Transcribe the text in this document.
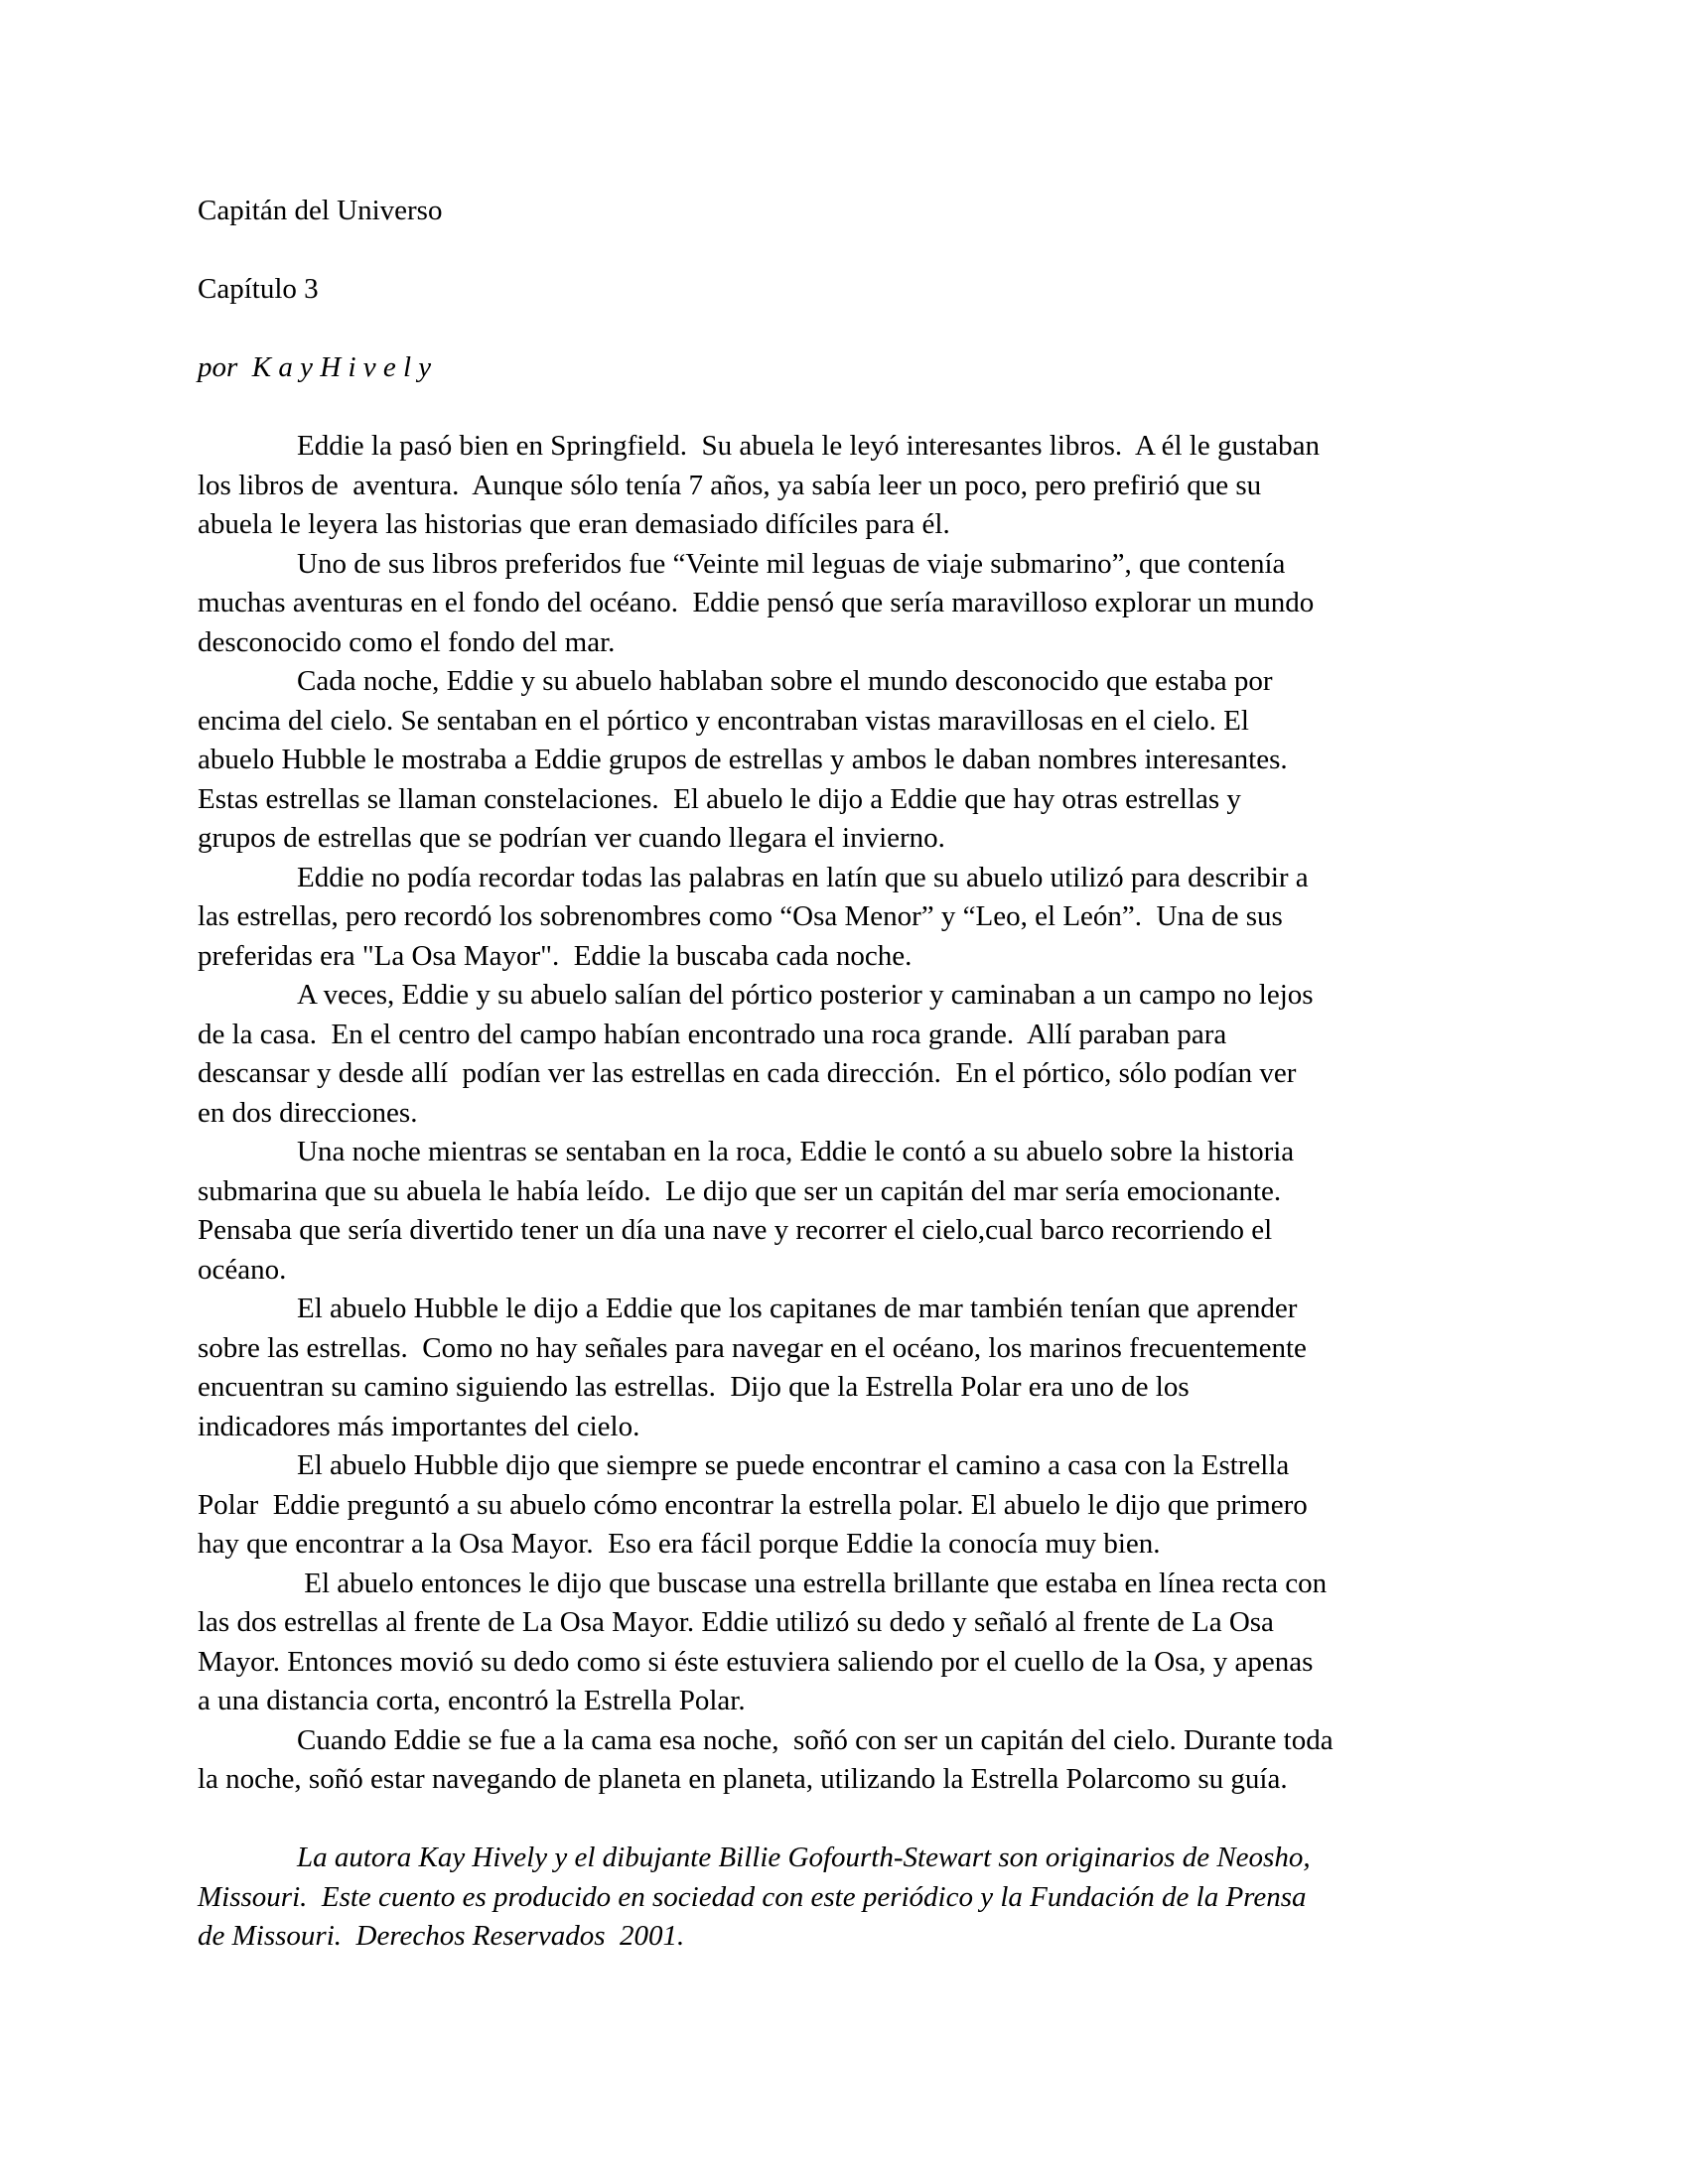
Capitán del Universo

Capítulo 3

por  K a y H i v e l y

Eddie la pasó bien en Springfield.  Su abuela le leyó interesantes libros.  A él le gustaban
los libros de  aventura.  Aunque sólo tenía 7 años, ya sabía leer un poco, pero prefirió que su
abuela le leyera las historias que eran demasiado difíciles para él.

Uno de sus libros preferidos fue “Veinte mil leguas de viaje submarino”, que contenía
muchas aventuras en el fondo del océano.  Eddie pensó que sería maravilloso explorar un mundo
desconocido como el fondo del mar.

Cada noche, Eddie y su abuelo hablaban sobre el mundo desconocido que estaba por
encima del cielo. Se sentaban en el pórtico y encontraban vistas maravillosas en el cielo. El
abuelo Hubble le mostraba a Eddie grupos de estrellas y ambos le daban nombres interesantes.
Estas estrellas se llaman constelaciones.  El abuelo le dijo a Eddie que hay otras estrellas y
grupos de estrellas que se podrían ver cuando llegara el invierno.

Eddie no podía recordar todas las palabras en latín que su abuelo utilizó para describir a
las estrellas, pero recordó los sobrenombres como “Osa Menor” y “Leo, el León”.  Una de sus
preferidas era "La Osa Mayor".  Eddie la buscaba cada noche.

A veces, Eddie y su abuelo salían del pórtico posterior y caminaban a un campo no lejos
de la casa.  En el centro del campo habían encontrado una roca grande.  Allí paraban para
descansar y desde allí  podían ver las estrellas en cada dirección.  En el pórtico, sólo podían ver
en dos direcciones.

Una noche mientras se sentaban en la roca, Eddie le contó a su abuelo sobre la historia
submarina que su abuela le había leído.  Le dijo que ser un capitán del mar sería emocionante.
Pensaba que sería divertido tener un día una nave y recorrer el cielo,cual barco recorriendo el
océano.

El abuelo Hubble le dijo a Eddie que los capitanes de mar también tenían que aprender
sobre las estrellas.  Como no hay señales para navegar en el océano, los marinos frecuentemente
encuentran su camino siguiendo las estrellas.  Dijo que la Estrella Polar era uno de los
indicadores más importantes del cielo.

El abuelo Hubble dijo que siempre se puede encontrar el camino a casa con la Estrella
Polar  Eddie preguntó a su abuelo cómo encontrar la estrella polar. El abuelo le dijo que primero
hay que encontrar a la Osa Mayor.  Eso era fácil porque Eddie la conocía muy bien.

El abuelo entonces le dijo que buscase una estrella brillante que estaba en línea recta con
las dos estrellas al frente de La Osa Mayor. Eddie utilizó su dedo y señaló al frente de La Osa
Mayor. Entonces movió su dedo como si éste estuviera saliendo por el cuello de la Osa, y apenas
a una distancia corta, encontró la Estrella Polar.

Cuando Eddie se fue a la cama esa noche,  soñó con ser un capitán del cielo. Durante toda
la noche, soñó estar navegando de planeta en planeta, utilizando la Estrella Polarcomo su guía.

La autora Kay Hively y el dibujante Billie Gofourth-Stewart son originarios de Neosho,
Missouri.  Este cuento es producido en sociedad con este periódico y la Fundación de la Prensa
de Missouri.  Derechos Reservados  2001.
